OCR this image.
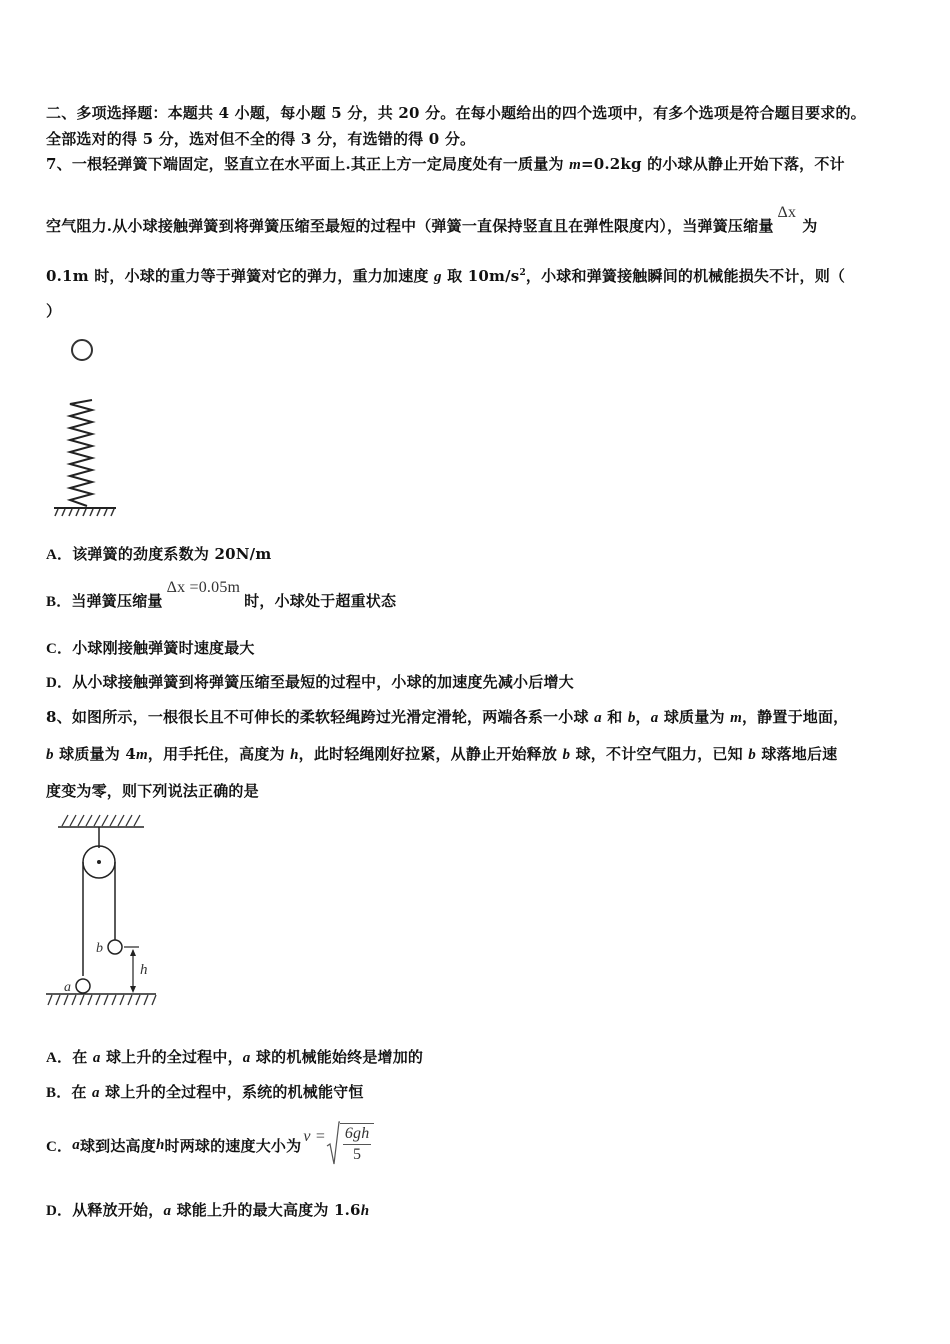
二、多项选择题：本题共 4 小题，每小题 5 分，共 20 分。在每小题给出的四个选项中，有多个选项是符合题目要求的。
全部选对的得 5 分，选对但不全的得 3 分，有选错的得 0 分。
7、一根轻弹簧下端固定，竖直立在水平面上.其正上方一定局度处有一质量为 m=0.2kg 的小球从静止开始下落，不计
空气阻力.从小球接触弹簧到将弹簧压缩至最短的过程中（弹簧一直保持竖直且在弹性限度内），当弹簧压缩量Δx为
0.1m 时，小球的重力等于弹簧对它的弹力，重力加速度 g 取 $10m/s^2$，小球和弹簧接触瞬间的机械能损失不计，则（
）
A．该弹簧的劲度系数为 20N/m
B．当弹簧压缩量Δx =0.05m时，小球处于超重状态
C．小球刚接触弹簧时速度最大
D．从小球接触弹簧到将弹簧压缩至最短的过程中，小球的加速度先减小后增大
8、如图所示，一根很长且不可伸长的柔软轻绳跨过光滑定滑轮，两端各系一小球 a 和 b，a 球质量为 m，静置于地面，
b 球质量为 4m，用手托住，高度为 h，此时轻绳刚好拉紧，从静止开始释放 b 球，不计空气阻力，已知 b 球落地后速
度变为零，则下列说法正确的是
b
h
a
A．在 a 球上升的全过程中，a 球的机械能始终是增加的
B．在 a 球上升的全过程中，系统的机械能守恒
C． a 球到达高度 h 时两球的速度大小为 $v = \frac{6gh}{5}$
D．从释放开始，a 球能上升的最大高度为 1.6h
